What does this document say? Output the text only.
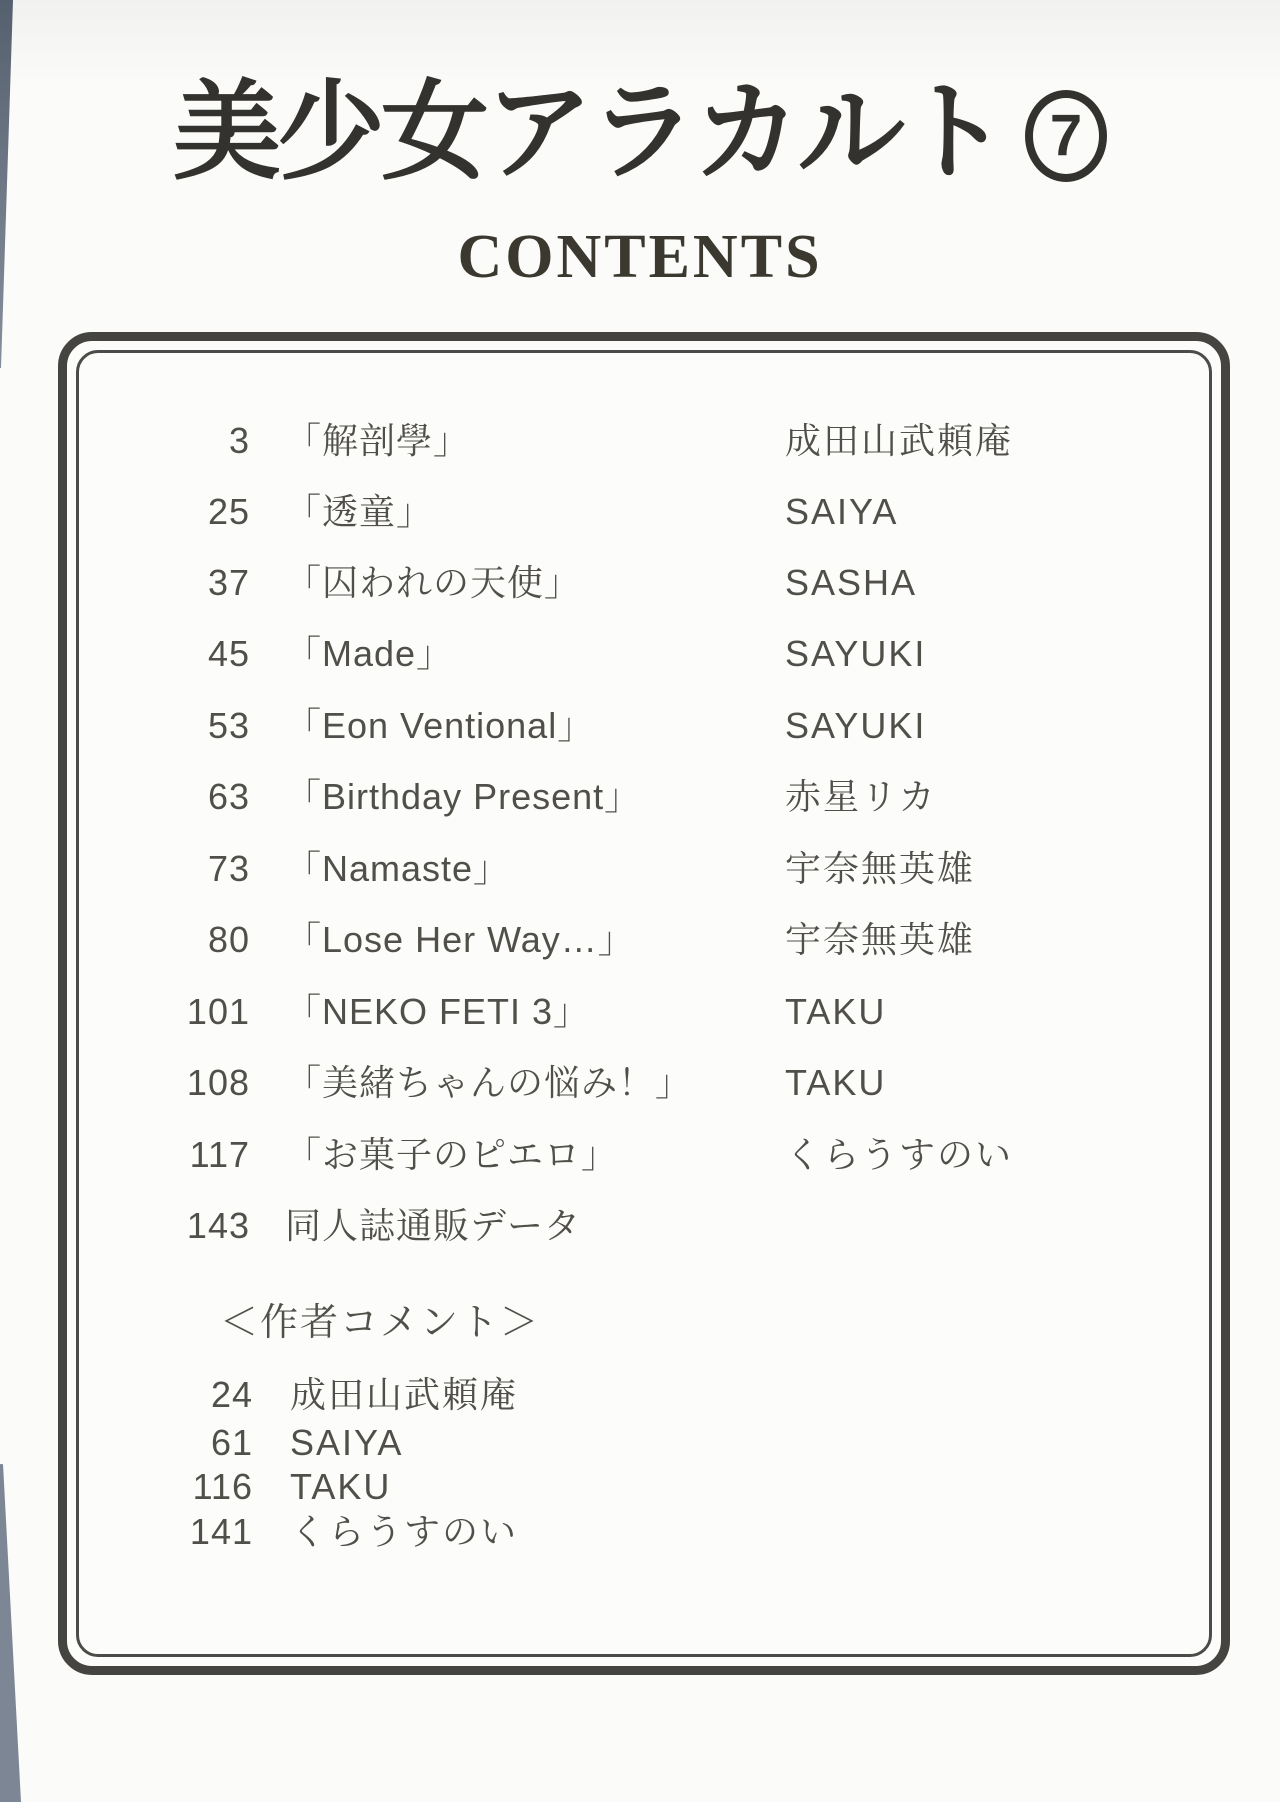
美少女アラカルト 7
CONTENTS
3 「解剖學」	成田山武頼庵
25 「透童」	SAIYA
37 「囚われの天使」	SASHA
45 「Made」	SAYUKI
53 「Eon Ventional」	SAYUKI
63 「Birthday Present」	赤星リカ
73 「Namaste」	宇奈無英雄
80 「Lose Her Way…」	宇奈無英雄
101 「NEKO FETI 3」	TAKU
108 「美緒ちゃんの悩み！」	TAKU
117 「お菓子のピエロ」	くらうすのい
143 同人誌通販データ
＜作者コメント＞
24 成田山武頼庵
61 SAIYA
116 TAKU
141 くらうすのい
